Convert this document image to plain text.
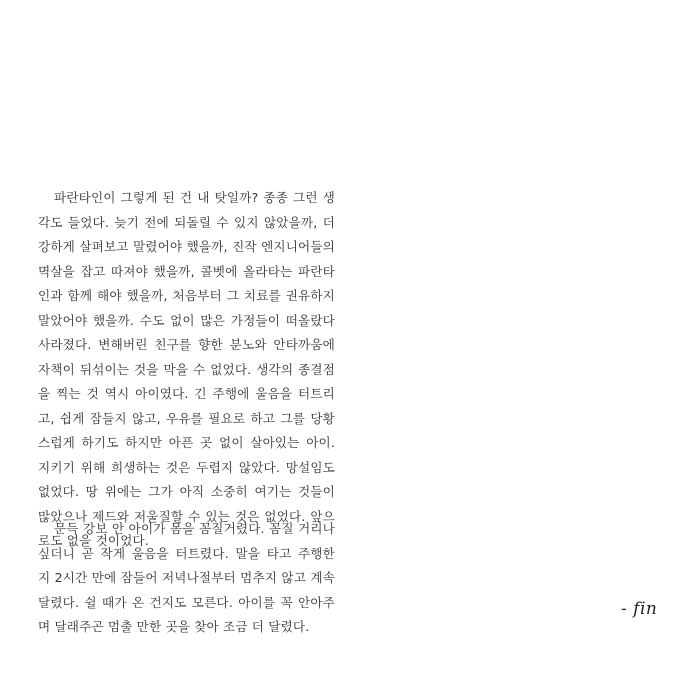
파란타인이 그렇게 된 건 내 탓일까? 종종 그런 생
각도 들었다. 늦기 전에 되돌릴 수 있지 않았을까, 더
강하게 살펴보고 말렸어야 했을까, 진작 엔지니어들의
멱살을 잡고 따져야 했을까, 콜벳에 올라타는 파란타
인과 함께 해야 했을까, 처음부터 그 치료를 권유하지
말았어야 했을까. 수도 없이 많은 가정들이 떠올랐다
사라졌다. 변해버린 친구를 향한 분노와 안타까움에
자책이 뒤섞이는 것을 막을 수 없었다. 생각의 종결점
을 찍는 것 역시 아이였다. 긴 주행에 울음을 터트리
고, 쉽게 잠들지 않고, 우유를 필요로 하고 그를 당황
스럽게 하기도 하지만 아픈 곳 없이 살아있는 아이.
지키기 위해 희생하는 것은 두렵지 않았다. 망설임도
없었다. 땅 위에는 그가 아직 소중히 여기는 것들이
많았으나 제드와 저울질할 수 있는 것은 없었다. 앞으
로도 없을 것이었다.
문득 강보 안 아이가 몸을 꼼질거렸다. 꼼질 거리나
싶더니 곧 작게 울음을 터트렸다. 말을 타고 주행한
지 2시간 만에 잠들어 저녁나절부터 멈추지 않고 계속
달렸다. 쉴 때가 온 건지도 모른다. 아이를 꼭 안아주
며 달래주곤 멈출 만한 곳을 찾아 조금 더 달렸다.
- fin
